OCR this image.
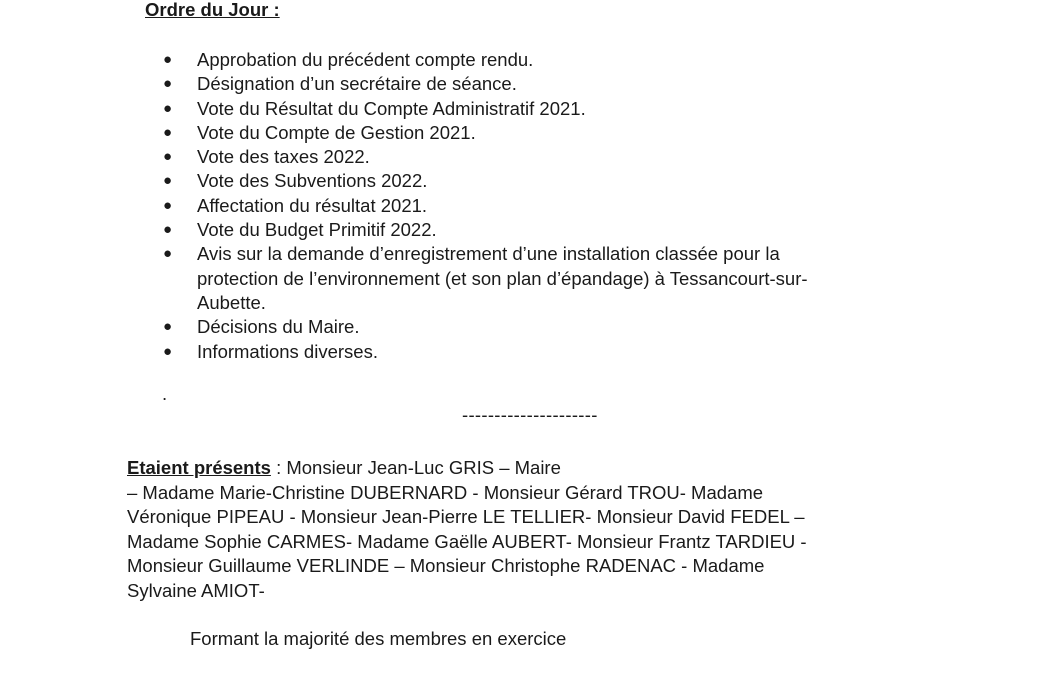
Ordre du Jour :

● Approbation du précédent compte rendu.
● Désignation d’un secrétaire de séance.
● Vote du Résultat du Compte Administratif 2021.
● Vote du Compte de Gestion 2021.
● Vote des taxes 2022.
● Vote des Subventions 2022.
● Affectation du résultat 2021.
● Vote du Budget Primitif 2022.
● Avis sur la demande d’enregistrement d’une installation classée pour la
protection de l’environnement (et son plan d’épandage) à Tessancourt-sur-
Aubette.
● Décisions du Maire.
● Informations diverses.
.
---------------------
Etaient présents : Monsieur Jean-Luc GRIS – Maire
– Madame Marie-Christine DUBERNARD - Monsieur Gérard TROU- Madame
Véronique PIPEAU - Monsieur Jean-Pierre LE TELLIER- Monsieur David FEDEL –
Madame Sophie CARMES- Madame Gaëlle AUBERT- Monsieur Frantz TARDIEU -
Monsieur Guillaume VERLINDE – Monsieur Christophe RADENAC - Madame
Sylvaine AMIOT-
Formant la majorité des membres en exercice
